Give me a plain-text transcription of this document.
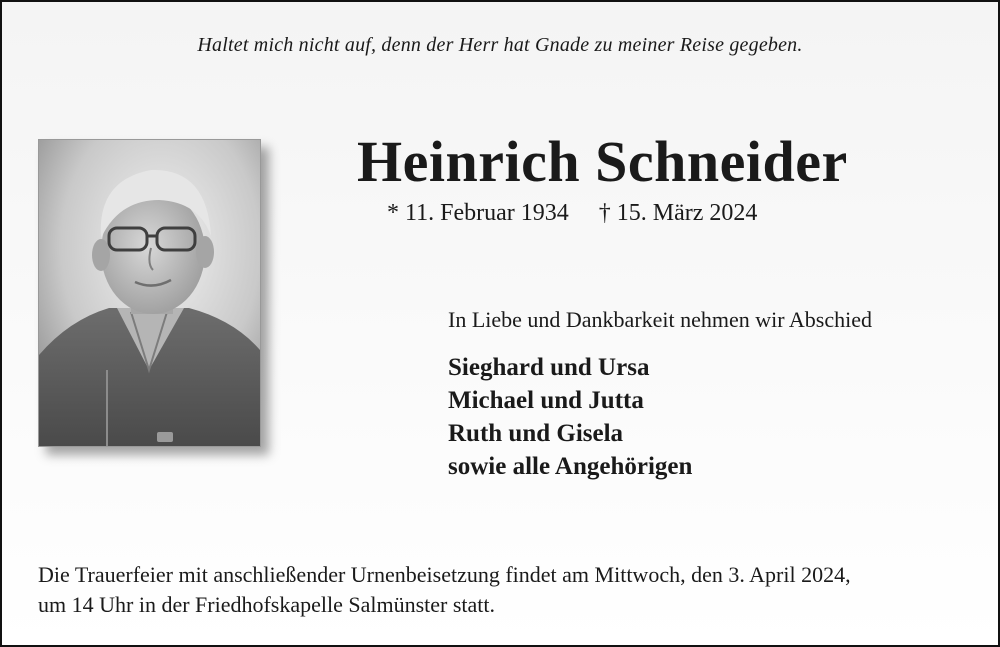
Haltet mich nicht auf, denn der Herr hat Gnade zu meiner Reise gegeben.
Heinrich Schneider
* 11. Februar 1934 † 15. März 2024
In Liebe und Dankbarkeit nehmen wir Abschied
Sieghard und Ursa
Michael und Jutta
Ruth und Gisela
sowie alle Angehörigen
Die Trauerfeier mit anschließender Urnenbeisetzung findet am Mittwoch, den 3. April 2024,
um 14 Uhr in der Friedhofskapelle Salmünster statt.
